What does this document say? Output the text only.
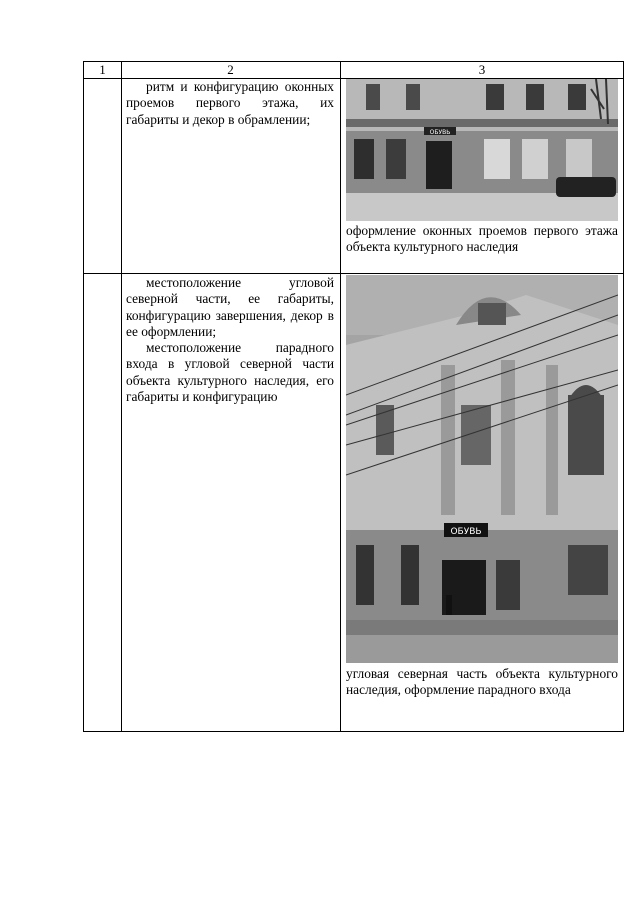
1	2	3

ритм и конфигурацию оконных проемов первого этажа, их габариты и декор в обрамлении;

ОБУВЬ
оформление оконных проемов первого этажа объекта культурного наследия

местоположение угловой северной части, ее габариты, конфигурацию завершения, декор в ее оформлении;

местоположение парадного входа в угловой северной части объекта культурного наследия, его габариты и конфигурацию

ОБУВЬ
угловая северная часть объекта культурного наследия, оформление парадного входа
